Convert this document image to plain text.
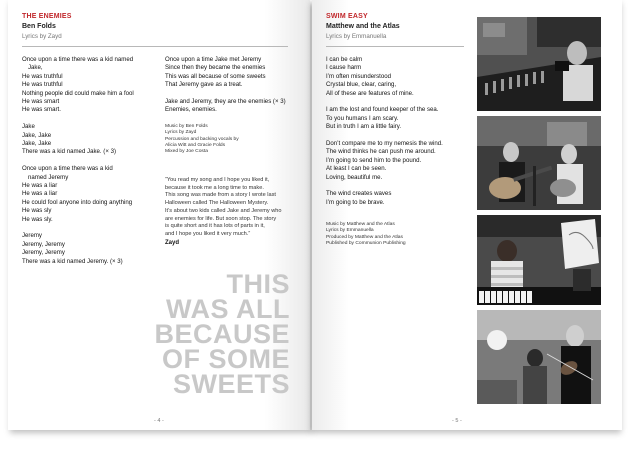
THE ENEMIES
Ben Folds
Lyrics by Zayd
Once upon a time there was a kid named
Jake,
He was truthful
He was truthful
Nothing people did could make him a fool
He was smart
He was smart.
Jake
Jake, Jake
Jake, Jake
There was a kid named Jake. (× 3)
Once upon a time there was a kid
named Jeremy
He was a liar
He was a liar
He could fool anyone into doing anything
He was sly
He was sly.
Jeremy
Jeremy, Jeremy
Jeremy, Jeremy
There was a kid named Jeremy. (× 3)
Once upon a time Jake met Jeremy
Since then they became the enemies
This was all because of some sweets
That Jeremy gave as a treat.
Jake and Jeremy, they are the enemies (× 3)
Enemies, enemies.
Music by Ben Folds
Lyrics by Zayd
Percussion and backing vocals by
Alicia Witt and Gracie Folds
Mixed by Joe Costa
“You read my song and I hope you liked it,
because it took me a long time to make.
This song was made from a story I wrote last
Halloween called The Halloween Mystery.
It’s about two kids called Jake and Jeremy who
are enemies for life. But soon stop. The story
is quite short and it has lots of parts in it,
and I hope you liked it very much.”
Zayd
THIS
WAS ALL
BECAUSE
OF SOME
SWEETS
- 4 -
SWIM EASY
Matthew and the Atlas
Lyrics by Emmanuella
I can be calm
I cause harm
I’m often misunderstood
Crystal blue, clear, caring,
All of these are features of mine.
I am the lost and found keeper of the sea.
To you humans I am scary.
But in truth I am a little fairy.
Don’t compare me to my nemesis the wind.
The wind thinks he can push me around.
I’m going to send him to the pound.
At least I can be seen.
Loving, beautiful me.
The wind creates waves
I’m going to be brave.
Music by Matthew and the Atlas
Lyrics by Emmanuella
Produced by Matthew and the Atlas
Published by Communion Publishing
- 5 -
